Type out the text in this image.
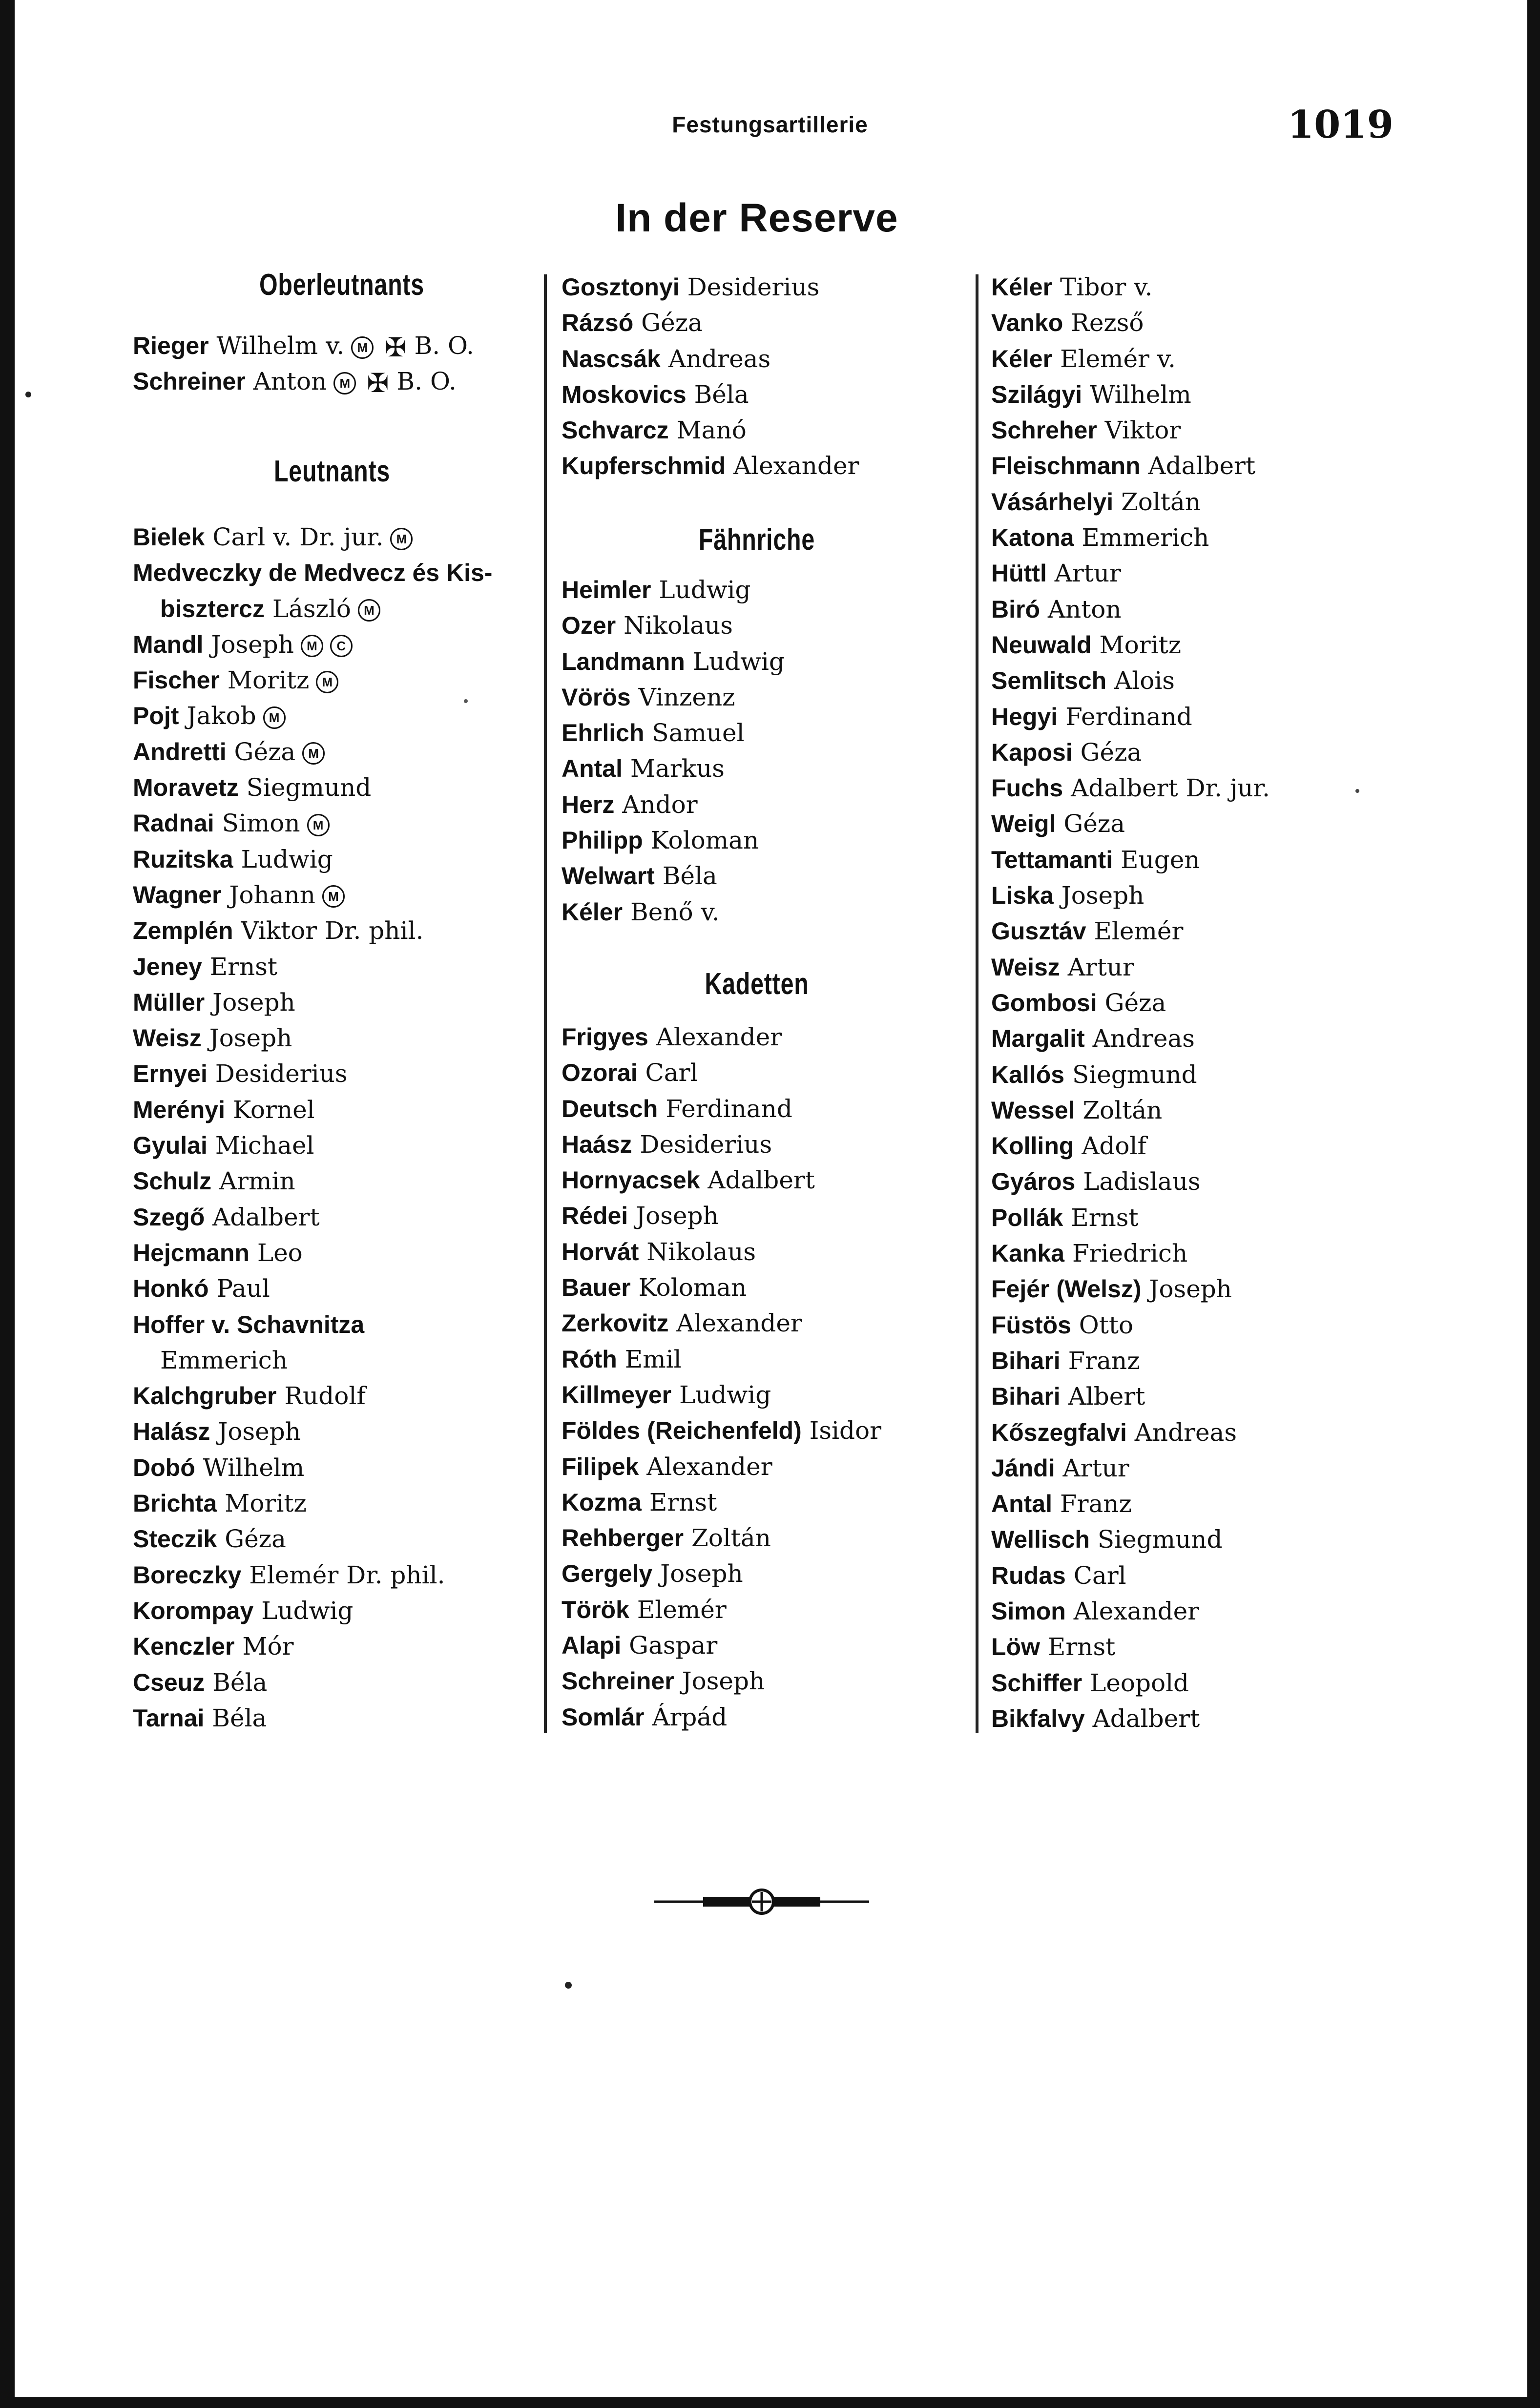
Festungsartillerie	1019
In der Reserve
Oberleutnants
Rieger Wilhelm v. M ✠ B. O.
Schreiner Anton M ✠ B. O.
Leutnants
Bielek Carl v. Dr. jur. M
Medveczky de Medvecz és Kis-
bisztercz László M
Mandl Joseph M C
Fischer Moritz M
Pojt Jakob M
Andretti Géza M
Moravetz Siegmund
Radnai Simon M
Ruzitska Ludwig
Wagner Johann M
Zemplén Viktor Dr. phil.
Jeney Ernst
Müller Joseph
Weisz Joseph
Ernyei Desiderius
Merényi Kornel
Gyulai Michael
Schulz Armin
Szegő Adalbert
Hejcmann Leo
Honkó Paul
Hoffer v. Schavnitza
Emmerich
Kalchgruber Rudolf
Halász Joseph
Dobó Wilhelm
Brichta Moritz
Steczik Géza
Boreczky Elemér Dr. phil.
Korompay Ludwig
Kenczler Mór
Cseuz Béla
Tarnai Béla
Gosztonyi Desiderius
Rázsó Géza
Nascsák Andreas
Moskovics Béla
Schvarcz Manó
Kupferschmid Alexander
Fähnriche
Heimler Ludwig
Ozer Nikolaus
Landmann Ludwig
Vörös Vinzenz
Ehrlich Samuel
Antal Markus
Herz Andor
Philipp Koloman
Welwart Béla
Kéler Benő v.
Kadetten
Frigyes Alexander
Ozorai Carl
Deutsch Ferdinand
Haász Desiderius
Hornyacsek Adalbert
Rédei Joseph
Horvát Nikolaus
Bauer Koloman
Zerkovitz Alexander
Róth Emil
Killmeyer Ludwig
Földes (Reichenfeld) Isidor
Filipek Alexander
Kozma Ernst
Rehberger Zoltán
Gergely Joseph
Török Elemér
Alapi Gaspar
Schreiner Joseph
Somlár Árpád
Kéler Tibor v.
Vanko Rezső
Kéler Elemér v.
Szilágyi Wilhelm
Schreher Viktor
Fleischmann Adalbert
Vásárhelyi Zoltán
Katona Emmerich
Hüttl Artur
Biró Anton
Neuwald Moritz
Semlitsch Alois
Hegyi Ferdinand
Kaposi Géza
Fuchs Adalbert Dr. jur.
Weigl Géza
Tettamanti Eugen
Liska Joseph
Gusztáv Elemér
Weisz Artur
Gombosi Géza
Margalit Andreas
Kallós Siegmund
Wessel Zoltán
Kolling Adolf
Gyáros Ladislaus
Pollák Ernst
Kanka Friedrich
Fejér (Welsz) Joseph
Füstös Otto
Bihari Franz
Bihari Albert
Kőszegfalvi Andreas
Jándi Artur
Antal Franz
Wellisch Siegmund
Rudas Carl
Simon Alexander
Löw Ernst
Schiffer Leopold
Bikfalvy Adalbert
